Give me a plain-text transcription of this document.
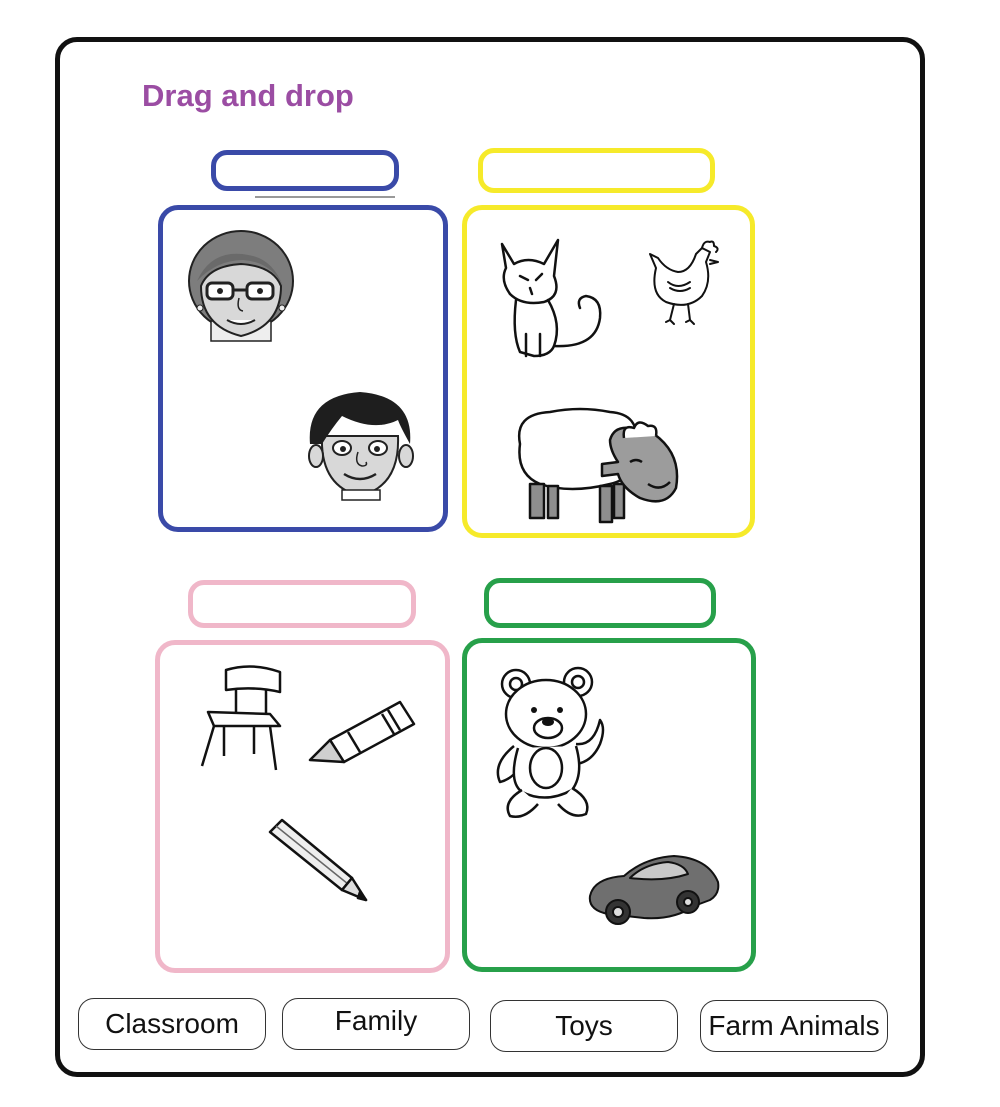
Drag and drop
Classroom	Family	Toys	Farm Animals
